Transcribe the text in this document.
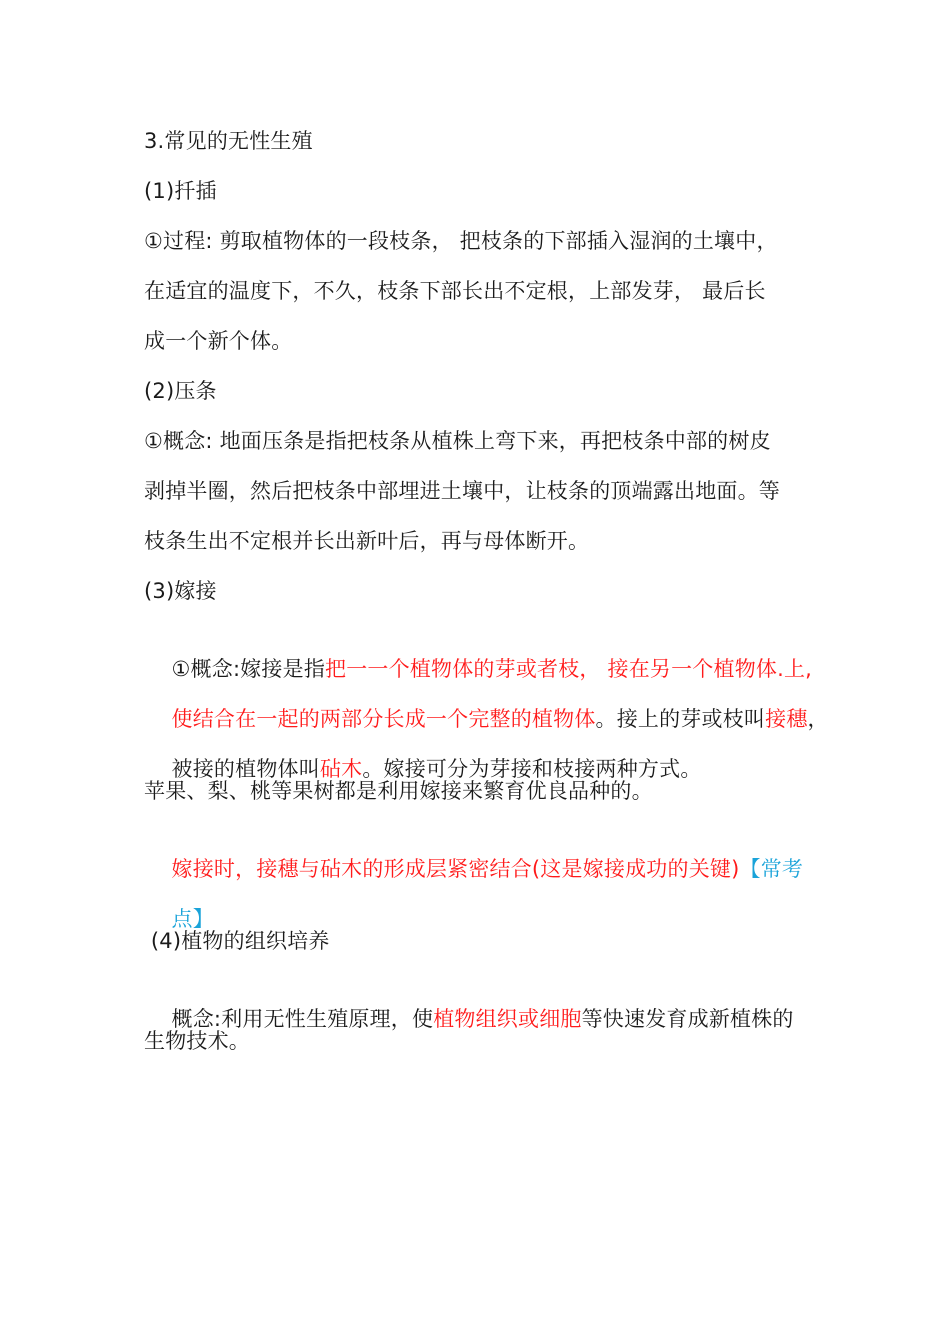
3.常见的无性生殖
(1)扦插
①过程: 剪取植物体的一段枝条， 把枝条的下部插入湿润的土壤中，
在适宜的温度下，不久，枝条下部长出不定根，上部发芽， 最后长
成一个新个体。
(2)压条
①概念: 地面压条是指把枝条从植株上弯下来，再把枝条中部的树皮
剥掉半圈，然后把枝条中部埋进土壤中，让枝条的顶端露出地面。等
枝条生出不定根并长出新叶后，再与母体断开。
(3)嫁接

①概念:嫁接是指把一一个植物体的芽或者枝， 接在另一个植物体.上,

使结合在一起的两部分长成一个完整的植物体。接上的芽或枝叫接穗，

被接的植物体叫砧木。嫁接可分为芽接和枝接两种方式。

苹果、梨、桃等果树都是利用嫁接来繁育优良品种的。

嫁接时，接穗与砧木的形成层紧密结合(这是嫁接成功的关键)【常考

点】

(4)植物的组织培养

概念:利用无性生殖原理，使植物组织或细胞等快速发育成新植株的

生物技术。
